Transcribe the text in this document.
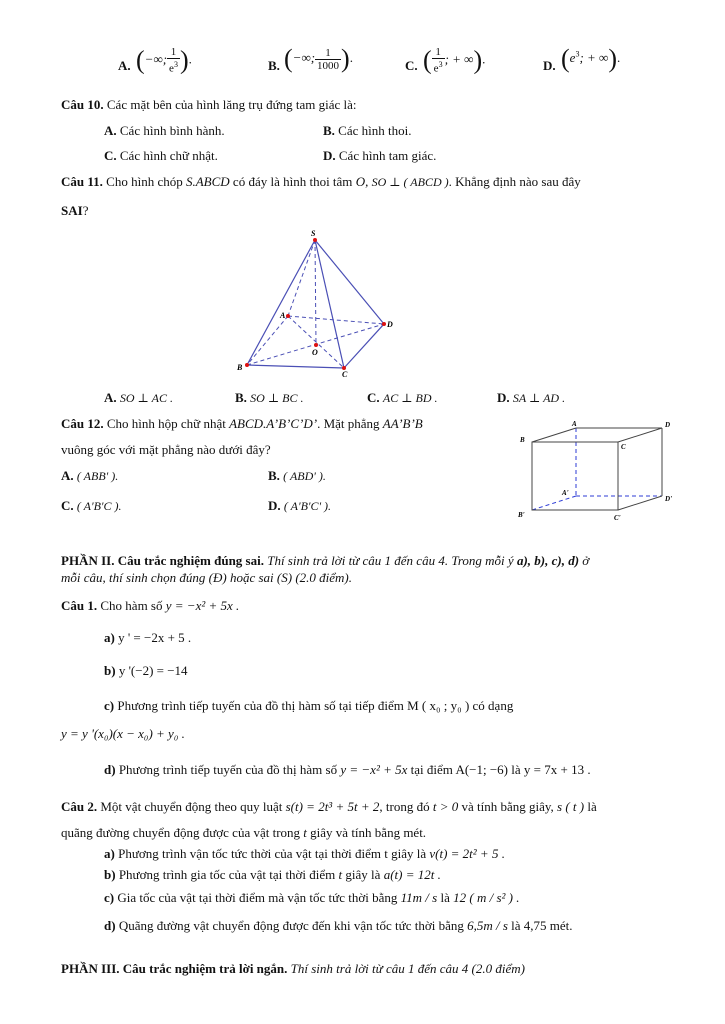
A. (−∞; $\frac{1}{e^3}$ ).	B. (−∞; $\frac{1}{1000}$ ).
C. ( $\frac{1}{e^3}$ ; + ∞).	D. ($e^3$; + ∞).
Câu 10. Các mặt bên của hình lăng trụ đứng tam giác là:
A. Các hình bình hành.	B. Các hình thoi.
C. Các hình chữ nhật.	D. Các hình tam giác.
Câu 11. Cho hình chóp S.ABCD có đáy là hình thoi tâm O, SO ⊥ ( ABCD ). Khẳng định nào sau đây
SAI?
S
A
D
B
C
O
A. SO ⊥ AC .	B. SO ⊥ BC .	C. AC ⊥ BD .	D. SA ⊥ AD .
Câu 12. Cho hình hộp chữ nhật ABCD.A’B’C’D’. Mặt phẳng AA’B’B
vuông góc với mặt phẳng nào dưới đây?
A. ( ABB' ).	B. ( ABD' ).
C. ( A'B'C ).	D. ( A'B'C' ).
A	D
B
C
A'
D'
B'	C'
PHẦN II. Câu trắc nghiệm đúng sai. Thí sinh trả lời từ câu 1 đến câu 4. Trong mỗi ý a), b), c), d) ở
mỗi câu, thí sinh chọn đúng (Đ) hoặc sai (S) (2.0 điểm).
Câu 1. Cho hàm số y = −x² + 5x .
a) y ' = −2x + 5 .
b) y '(−2) = −14
c) Phương trình tiếp tuyến của đồ thị hàm số tại tiếp điểm M ( x₀ ; y₀ ) có dạng
y = y '(x₀)(x − x₀) + y₀ .
d) Phương trình tiếp tuyến của đồ thị hàm số y = −x² + 5x tại điểm A(−1; −6) là y = 7x + 13 .
Câu 2. Một vật chuyển động theo quy luật s(t) = 2t³ + 5t + 2, trong đó t > 0 và tính bằng giây, s ( t ) là
quãng đường chuyển động được của vật trong t giây và tính bằng mét.
a) Phương trình vận tốc tức thời của vật tại thời điểm t giây là v(t) = 2t² + 5 .
b) Phương trình gia tốc của vật tại thời điểm t giây là a(t) = 12t .
c) Gia tốc của vật tại thời điểm mà vận tốc tức thời bằng 11m / s là 12 ( m / s² ) .
d) Quãng đường vật chuyển động được đến khi vận tốc tức thời bằng 6,5m / s là 4,75 mét.
PHẦN III. Câu trắc nghiệm trả lời ngắn. Thí sinh trả lời từ câu 1 đến câu 4 (2.0 điểm)
